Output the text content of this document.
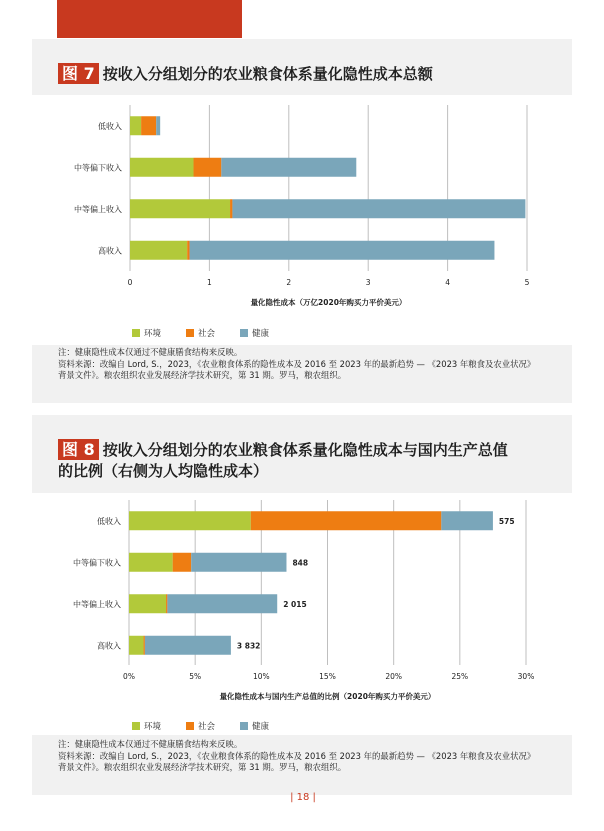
图 7 按收入分组划分的农业粮食体系量化隐性成本总额
0	1	2	3	4	5
量化隐性成本（万亿2020年购买力平价美元）
低收入
中等偏下收入
中等偏上收入
高收入
环境	社会	健康

注：健康隐性成本仅通过不健康膳食结构来反映。

资料来源：改编自 Lord, S.，2023，《农业粮食体系的隐性成本及 2016 至 2023 年的最新趋势 — 《2023 年粮食及农业状况》

背景文件》。粮农组织农业发展经济学技术研究，第 31 期。罗马，粮农组织。

图 8 按收入分组划分的农业粮食体系量化隐性成本与国内生产总值
的比例（右侧为人均隐性成本）
0%	5%	10%	15%	20%	25%	30%
量化隐性成本与国内生产总值的比例（2020年购买力平价美元）
低收入	575
中等偏下收入	848
中等偏上收入	2 015
高收入	3 832
环境	社会	健康

注：健康隐性成本仅通过不健康膳食结构来反映。

资料来源：改编自 Lord, S.，2023，《农业粮食体系的隐性成本及 2016 至 2023 年的最新趋势 — 《2023 年粮食及农业状况》

背景文件》。粮农组织农业发展经济学技术研究，第 31 期。罗马，粮农组织。

| 18 |
